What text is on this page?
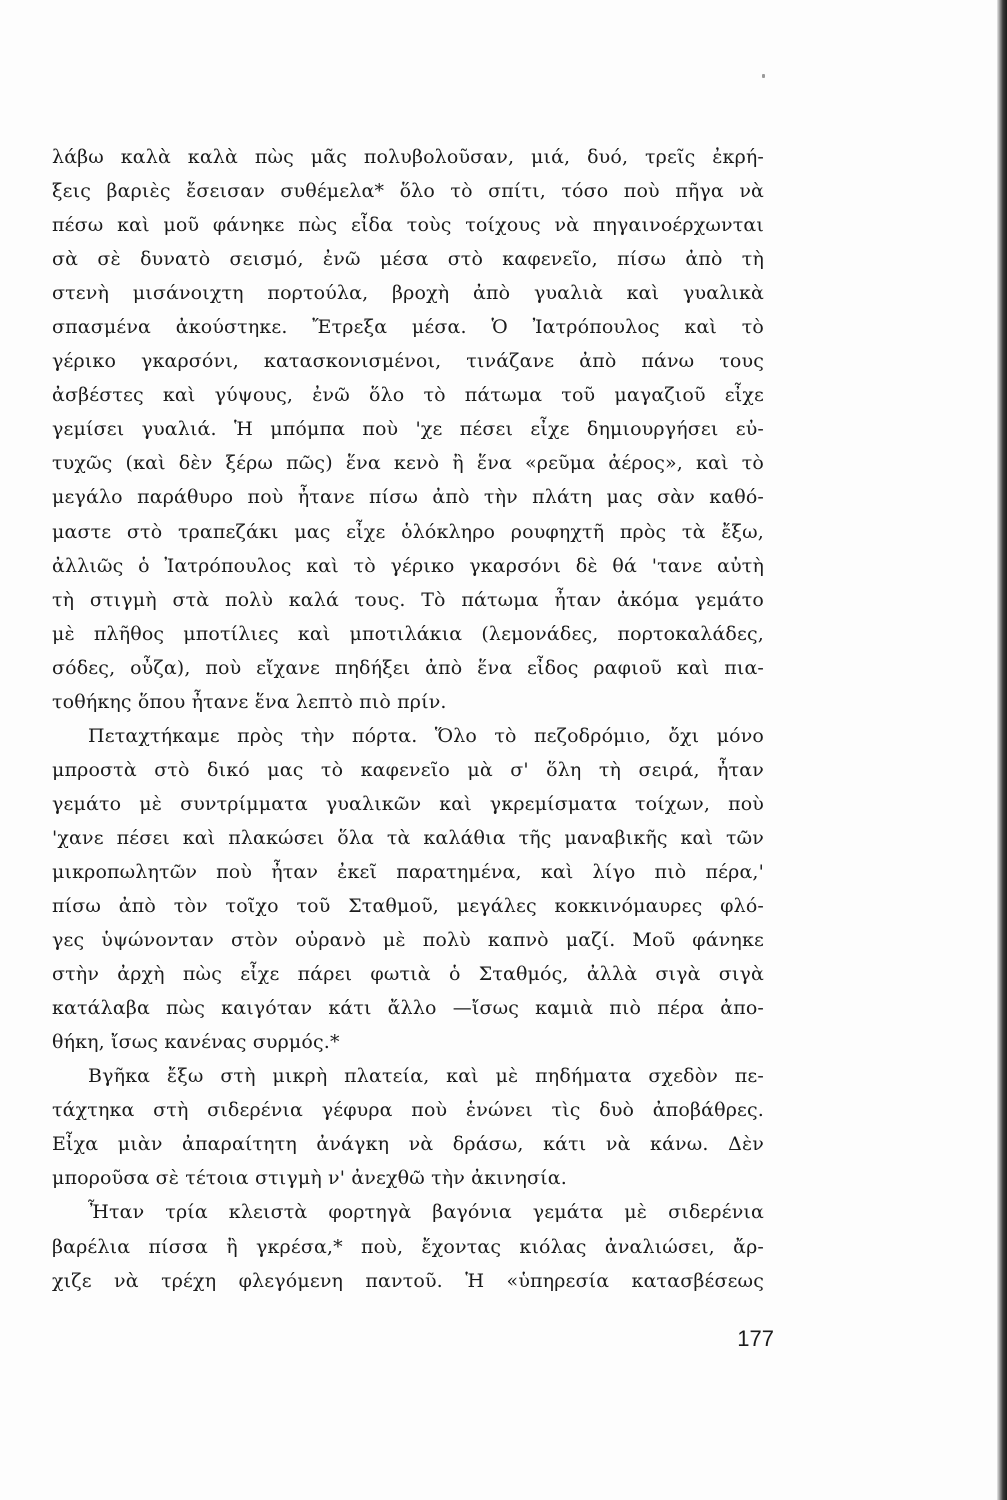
λάβω καλὰ καλὰ πὼς μᾶς πολυβολοῦσαν, μιά, δυό, τρεῖς ἐκρή-
ξεις βαριὲς ἔσεισαν συθέμελα* ὅλο τὸ σπίτι, τόσο ποὺ πῆγα νὰ
πέσω καὶ μοῦ φάνηκε πὼς εἶδα τοὺς τοίχους νὰ πηγαινοέρχωνται
σὰ σὲ δυνατὸ σεισμό, ἐνῶ μέσα στὸ καφενεῖο, πίσω ἀπὸ τὴ
στενὴ μισάνοιχτη πορτούλα, βροχὴ ἀπὸ γυαλιὰ καὶ γυαλικὰ
σπασμένα ἀκούστηκε. Ἔτρεξα μέσα. Ὁ Ἰατρόπουλος καὶ τὸ
γέρικο γκαρσόνι, κατασκονισμένοι, τινάζανε ἀπὸ πάνω τους
ἀσβέστες καὶ γύψους, ἐνῶ ὅλο τὸ πάτωμα τοῦ μαγαζιοῦ εἶχε
γεμίσει γυαλιά. Ἡ μπόμπα ποὺ 'χε πέσει εἶχε δημιουργήσει εὐ-
τυχῶς (καὶ δὲν ξέρω πῶς) ἕνα κενὸ ἢ ἕνα «ρεῦμα ἀέρος», καὶ τὸ
μεγάλο παράθυρο ποὺ ἦτανε πίσω ἀπὸ τὴν πλάτη μας σὰν καθό-
μαστε στὸ τραπεζάκι μας εἶχε ὁλόκληρο ρουφηχτῆ πρὸς τὰ ἔξω,
ἀλλιῶς ὁ Ἰατρόπουλος καὶ τὸ γέρικο γκαρσόνι δὲ θά 'τανε αὐτὴ
τὴ στιγμὴ στὰ πολὺ καλά τους. Τὸ πάτωμα ἦταν ἀκόμα γεμάτο
μὲ πλῆθος μποτίλιες καὶ μποτιλάκια (λεμονάδες, πορτοκαλάδες,
σόδες, οὖζα), ποὺ εἴχανε πηδήξει ἀπὸ ἕνα εἶδος ραφιοῦ καὶ πια-
τοθήκης ὅπου ἦτανε ἕνα λεπτὸ πιὸ πρίν.
Πεταχτήκαμε πρὸς τὴν πόρτα. Ὅλο τὸ πεζοδρόμιο, ὄχι μόνο
μπροστὰ στὸ δικό μας τὸ καφενεῖο μὰ σ' ὅλη τὴ σειρά, ἦταν
γεμάτο μὲ συντρίμματα γυαλικῶν καὶ γκρεμίσματα τοίχων, ποὺ
'χανε πέσει καὶ πλακώσει ὅλα τὰ καλάθια τῆς μαναβικῆς καὶ τῶν
μικροπωλητῶν ποὺ ἦταν ἐκεῖ παρατημένα, καὶ λίγο πιὸ πέρα,'
πίσω ἀπὸ τὸν τοῖχο τοῦ Σταθμοῦ, μεγάλες κοκκινόμαυρες φλό-
γες ὑψώνονταν στὸν οὐρανὸ μὲ πολὺ καπνὸ μαζί. Μοῦ φάνηκε
στὴν ἀρχὴ πὼς εἶχε πάρει φωτιὰ ὁ Σταθμός, ἀλλὰ σιγὰ σιγὰ
κατάλαβα πὼς καιγόταν κάτι ἄλλο —ἴσως καμιὰ πιὸ πέρα ἀπο-
θήκη, ἴσως κανένας συρμός.*
Βγῆκα ἔξω στὴ μικρὴ πλατεία, καὶ μὲ πηδήματα σχεδὸν πε-
τάχτηκα στὴ σιδερένια γέφυρα ποὺ ἑνώνει τὶς δυὸ ἀποβάθρες.
Εἶχα μιὰν ἀπαραίτητη ἀνάγκη νὰ δράσω, κάτι νὰ κάνω. Δὲν
μποροῦσα σὲ τέτοια στιγμὴ ν' ἀνεχθῶ τὴν ἀκινησία.
Ἦταν τρία κλειστὰ φορτηγὰ βαγόνια γεμάτα μὲ σιδερένια
βαρέλια πίσσα ἢ γκρέσα,* ποὺ, ἔχοντας κιόλας ἀναλιώσει, ἄρ-
χιζε νὰ τρέχη φλεγόμενη παντοῦ. Ἡ «ὑπηρεσία κατασβέσεως
177
